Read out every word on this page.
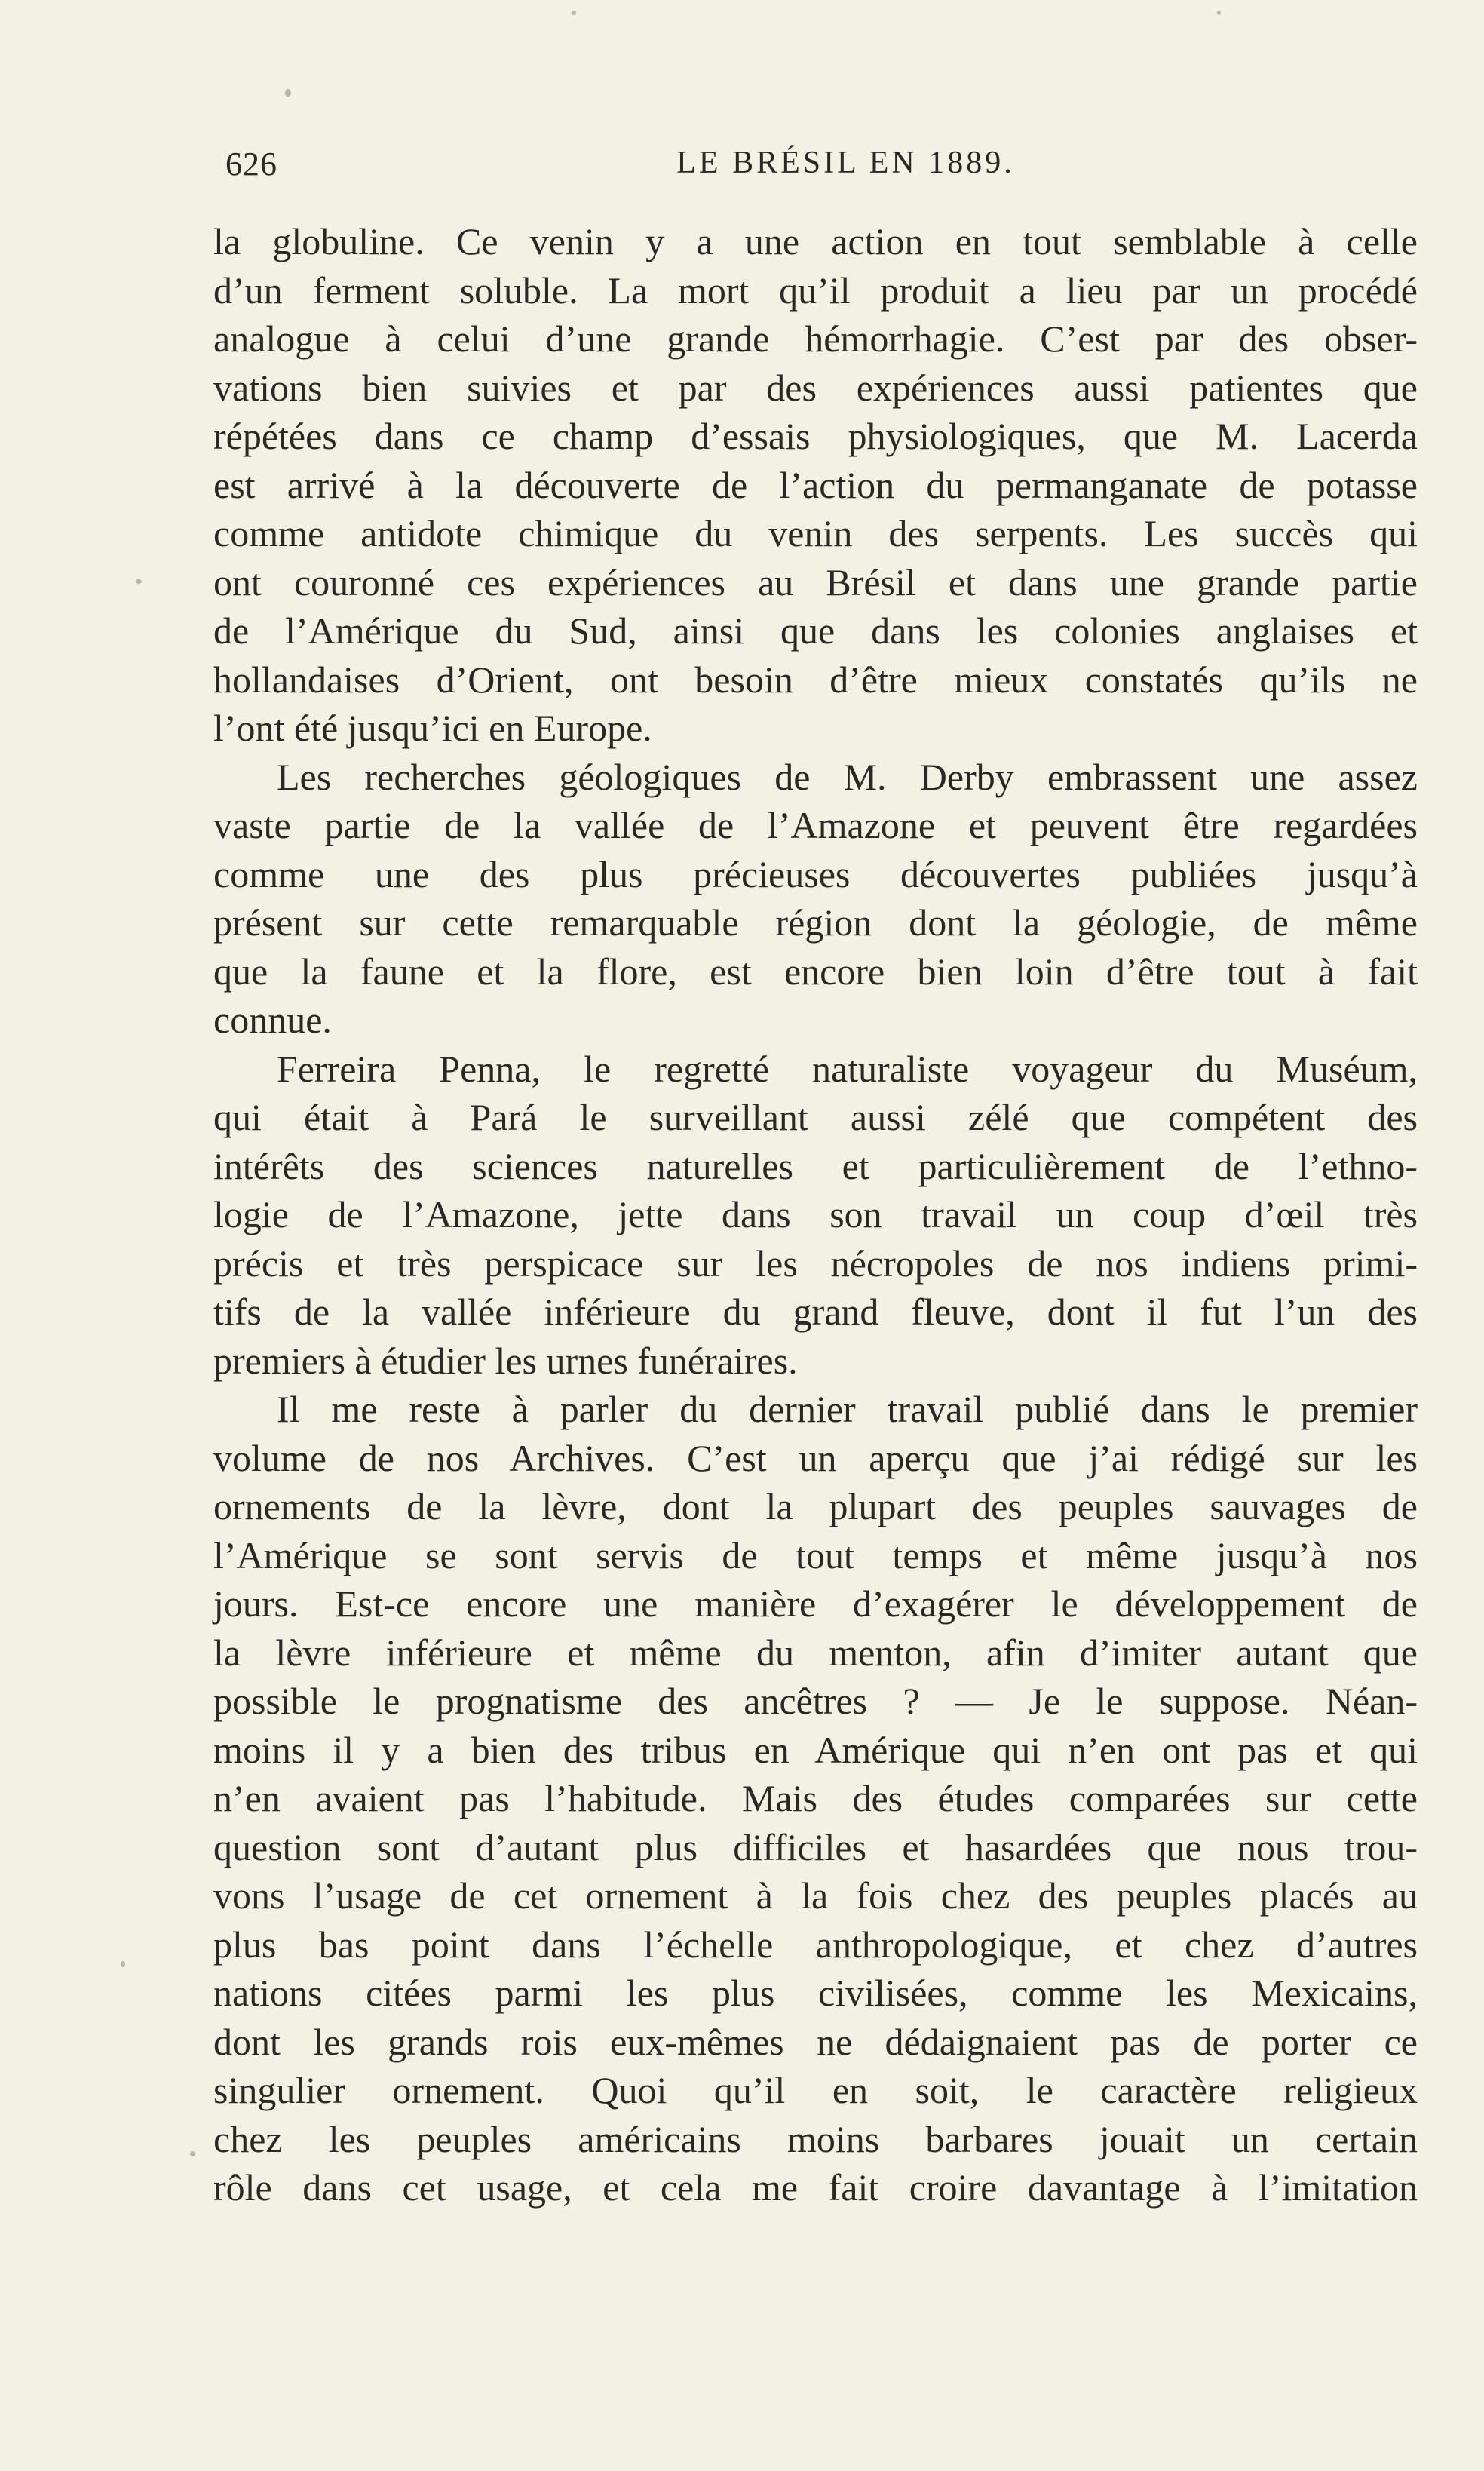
626	LE BRÉSIL EN 1889.
la globuline. Ce venin y a une action en tout semblable à celle
d’un ferment soluble. La mort qu’il produit a lieu par un procédé
analogue à celui d’une grande hémorrhagie. C’est par des obser-
vations bien suivies et par des expériences aussi patientes que
répétées dans ce champ d’essais physiologiques, que M. Lacerda
est arrivé à la découverte de l’action du permanganate de potasse
comme antidote chimique du venin des serpents. Les succès qui
ont couronné ces expériences au Brésil et dans une grande partie
de l’Amérique du Sud, ainsi que dans les colonies anglaises et
hollandaises d’Orient, ont besoin d’être mieux constatés qu’ils ne
l’ont été jusqu’ici en Europe.
Les recherches géologiques de M. Derby embrassent une assez
vaste partie de la vallée de l’Amazone et peuvent être regardées
comme une des plus précieuses découvertes publiées jusqu’à
présent sur cette remarquable région dont la géologie, de même
que la faune et la flore, est encore bien loin d’être tout à fait
connue.
Ferreira Penna, le regretté naturaliste voyageur du Muséum,
qui était à Pará le surveillant aussi zélé que compétent des
intérêts des sciences naturelles et particulièrement de l’ethno-
logie de l’Amazone, jette dans son travail un coup d’œil très
précis et très perspicace sur les nécropoles de nos indiens primi-
tifs de la vallée inférieure du grand fleuve, dont il fut l’un des
premiers à étudier les urnes funéraires.
Il me reste à parler du dernier travail publié dans le premier
volume de nos Archives. C’est un aperçu que j’ai rédigé sur les
ornements de la lèvre, dont la plupart des peuples sauvages de
l’Amérique se sont servis de tout temps et même jusqu’à nos
jours. Est-ce encore une manière d’exagérer le développement de
la lèvre inférieure et même du menton, afin d’imiter autant que
possible le prognatisme des ancêtres ? — Je le suppose. Néan-
moins il y a bien des tribus en Amérique qui n’en ont pas et qui
n’en avaient pas l’habitude. Mais des études comparées sur cette
question sont d’autant plus difficiles et hasardées que nous trou-
vons l’usage de cet ornement à la fois chez des peuples placés au
plus bas point dans l’échelle anthropologique, et chez d’autres
nations citées parmi les plus civilisées, comme les Mexicains,
dont les grands rois eux-mêmes ne dédaignaient pas de porter ce
singulier ornement. Quoi qu’il en soit, le caractère religieux
chez les peuples américains moins barbares jouait un certain
rôle dans cet usage, et cela me fait croire davantage à l’imitation
